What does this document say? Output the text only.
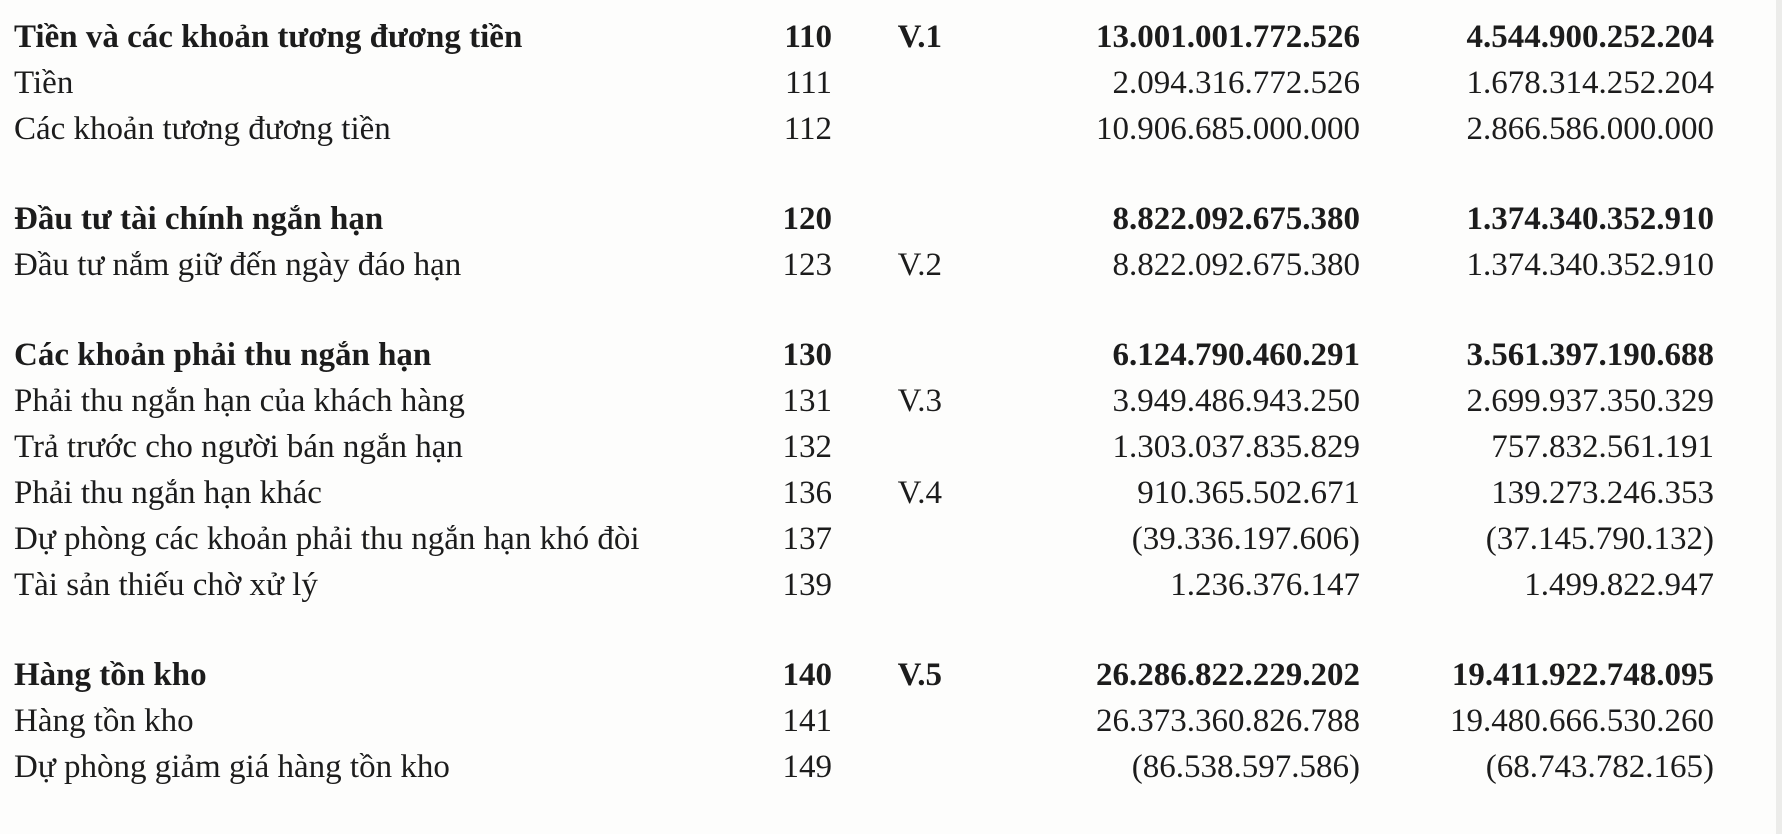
Tiền và các khoản tương đương tiền	110	V.1	13.001.001.772.526	4.544.900.252.204
Tiền	111		2.094.316.772.526	1.678.314.252.204
Các khoản tương đương tiền	112		10.906.685.000.000	2.866.586.000.000

Đầu tư tài chính ngắn hạn	120		8.822.092.675.380	1.374.340.352.910
Đầu tư nắm giữ đến ngày đáo hạn	123	V.2	8.822.092.675.380	1.374.340.352.910

Các khoản phải thu ngắn hạn	130		6.124.790.460.291	3.561.397.190.688
Phải thu ngắn hạn của khách hàng	131	V.3	3.949.486.943.250	2.699.937.350.329
Trả trước cho người bán ngắn hạn	132		1.303.037.835.829	757.832.561.191
Phải thu ngắn hạn khác	136	V.4	910.365.502.671	139.273.246.353
Dự phòng các khoản phải thu ngắn hạn khó đòi	137		(39.336.197.606)	(37.145.790.132)
Tài sản thiếu chờ xử lý	139		1.236.376.147	1.499.822.947

Hàng tồn kho	140	V.5	26.286.822.229.202	19.411.922.748.095
Hàng tồn kho	141		26.373.360.826.788	19.480.666.530.260
Dự phòng giảm giá hàng tồn kho	149		(86.538.597.586)	(68.743.782.165)
